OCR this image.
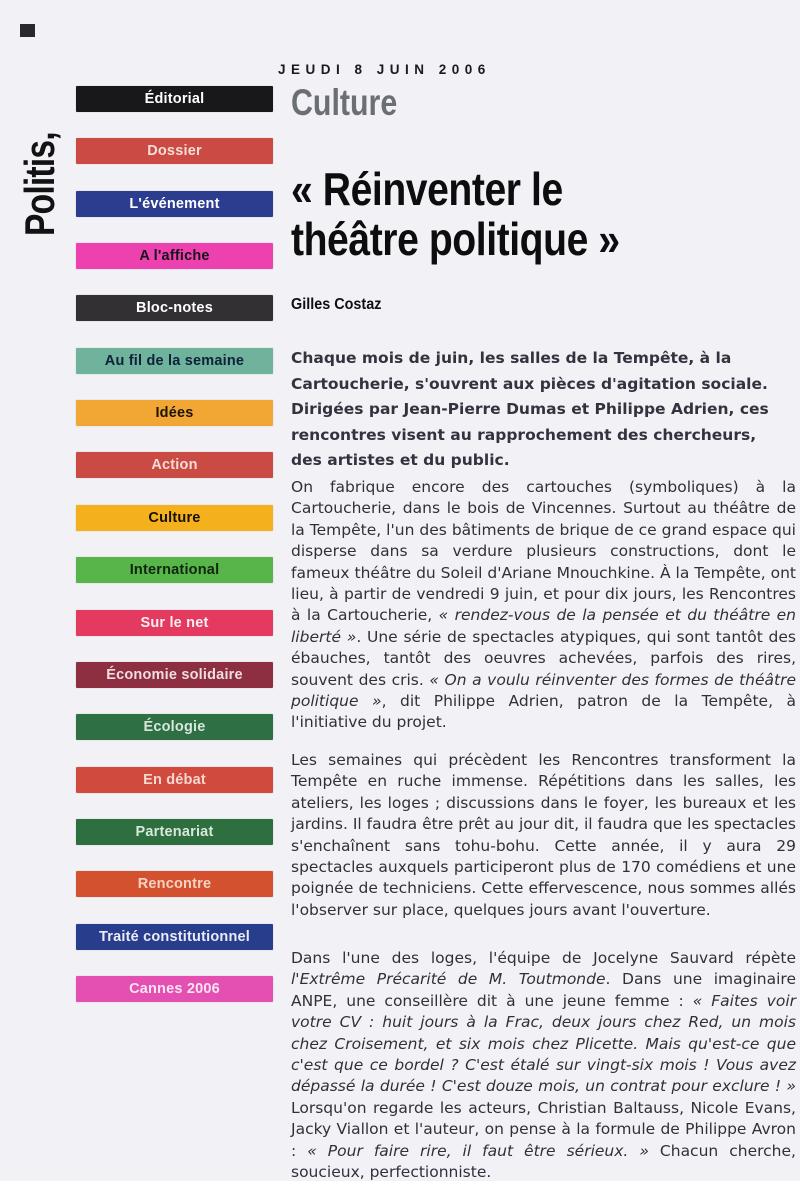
Politis,
Éditorial
Dossier
L'événement
A l'affiche
Bloc-notes
Au fil de la semaine
Idées
Action
Culture
International
Sur le net
Économie solidaire
Écologie
En débat
Partenariat
Rencontre
Traité constitutionnel
Cannes 2006
JEUDI 8 JUIN 2006
Culture
« Réinventer le
théâtre politique »
Gilles Costaz

Chaque mois de juin, les salles de la Tempête, à la Cartoucherie, s'ouvrent aux pièces d'agitation sociale. Dirigées par Jean-Pierre Dumas et Philippe Adrien, ces rencontres visent au rapprochement des chercheurs, des artistes et du public.

On fabrique encore des cartouches (symboliques) à la Cartoucherie, dans le bois de Vincennes. Surtout au théâtre de la Tempête, l'un des bâtiments de brique de ce grand espace qui disperse dans sa verdure plusieurs constructions, dont le fameux théâtre du Soleil d'Ariane Mnouchkine. À la Tempête, ont lieu, à partir de vendredi 9 juin, et pour dix jours, les Rencontres à la Cartoucherie, « rendez-vous de la pensée et du théâtre en liberté ». Une série de spectacles atypiques, qui sont tantôt des ébauches, tantôt des oeuvres achevées, parfois des rires, souvent des cris. « On a voulu réinventer des formes de théâtre politique », dit Philippe Adrien, patron de la Tempête, à l'initiative du projet.

Les semaines qui précèdent les Rencontres transforment la Tempête en ruche immense. Répétitions dans les salles, les ateliers, les loges ; discussions dans le foyer, les bureaux et les jardins. Il faudra être prêt au jour dit, il faudra que les spectacles s'enchaînent sans tohu-bohu. Cette année, il y aura 29 spectacles auxquels participeront plus de 170 comédiens et une poignée de techniciens. Cette effervescence, nous sommes allés l'observer sur place, quelques jours avant l'ouverture.

Dans l'une des loges, l'équipe de Jocelyne Sauvard répète l'Extrême Précarité de M. Toutmonde. Dans une imaginaire ANPE, une conseillère dit à une jeune femme : « Faites voir votre CV : huit jours à la Frac, deux jours chez Red, un mois chez Croisement, et six mois chez Plicette. Mais qu'est-ce que c'est que ce bordel ? C'est étalé sur vingt-six mois ! Vous avez dépassé la durée ! C'est douze mois, un contrat pour exclure ! » Lorsqu'on regarde les acteurs, Christian Baltauss, Nicole Evans, Jacky Viallon et l'auteur, on pense à la formule de Philippe Avron : « Pour faire rire, il faut être sérieux. » Chacun cherche, soucieux, perfectionniste.
